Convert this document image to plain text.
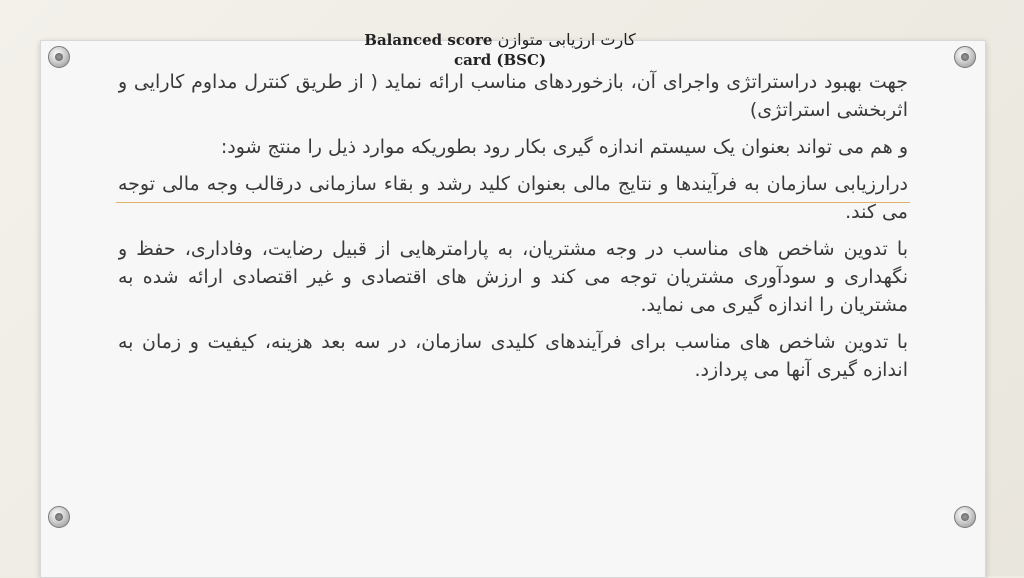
Balanced score کارت ارزیابی متوازن
card (BSC)

جهت بهبود دراستراتژی واجرای آن، بازخوردهای مناسب ارائه نماید ( از طریق کنترل مداوم کارایی و اثربخشی استراتژی)

و هم می تواند بعنوان یک سیستم اندازه گیری بکار رود بطوریکه موارد ذیل را منتج شود:

درارزیابی سازمان به فرآیندها و نتایج مالی بعنوان کلید رشد و بقاء سازمانی درقالب وجه مالی توجه می کند.

با تدوین شاخص های مناسب در وجه مشتریان، به پارامترهایی از قبیل رضایت، وفاداری، حفظ و نگهداری و سودآوری مشتریان توجه می کند و ارزش های اقتصادی و غیر اقتصادی ارائه شده به مشتریان را اندازه گیری می نماید.

با تدوین شاخص های مناسب برای فرآیندهای کلیدی سازمان، در سه بعد هزینه، کیفیت و زمان به اندازه گیری آنها می پردازد.
